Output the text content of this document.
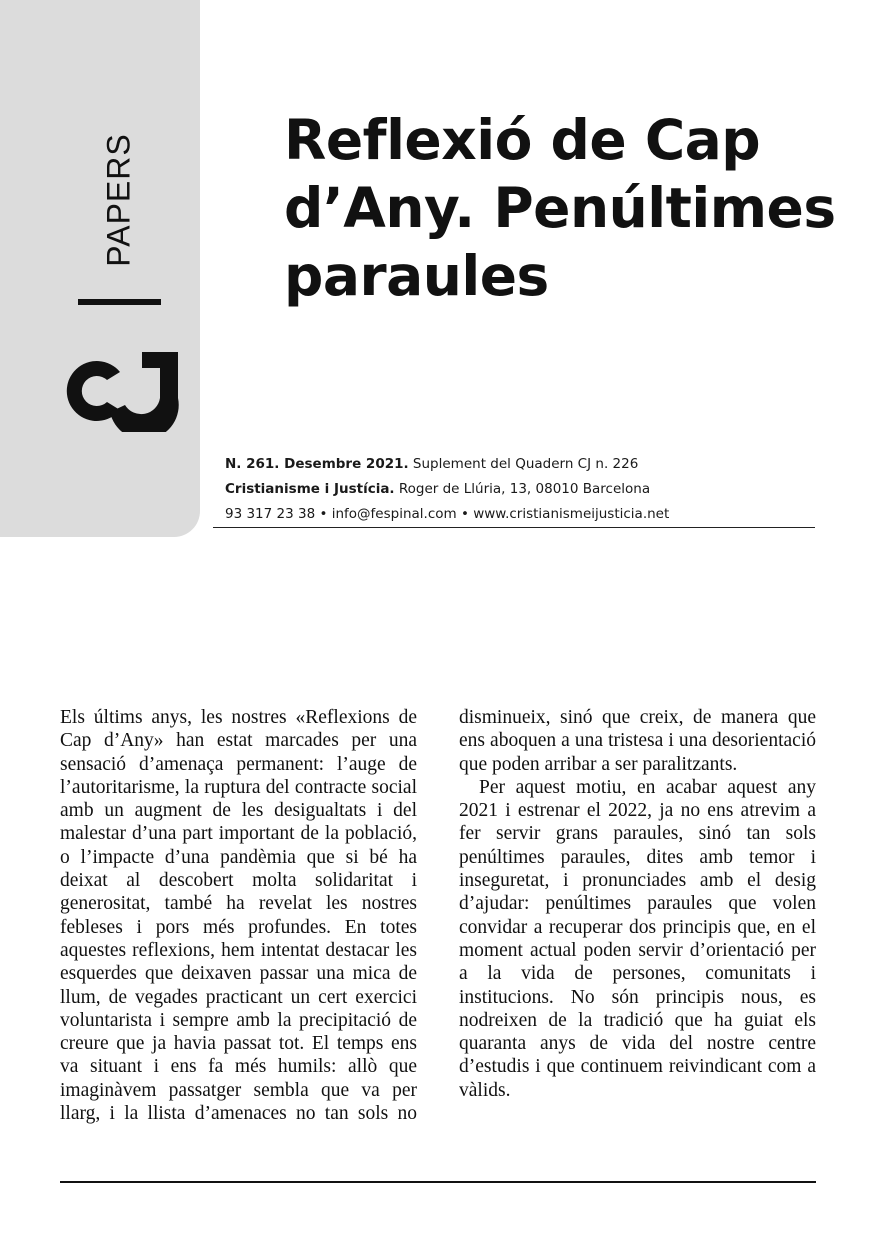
PAPERS	Reflexió de Cap d’Any. Penúltimes paraules
N. 261. Desembre 2021. Suplement del Quadern CJ n. 226
Cristianisme i Justícia. Roger de Llúria, 13, 08010 Barcelona
93 317 23 38 • info@fespinal.com • www.cristianismeijusticia.net

Els últims anys, les nostres «Reflexions de Cap d’Any» han estat marcades per una sensació d’amenaça permanent: l’auge de l’autoritarisme, la ruptura del contracte social amb un augment de les desigualtats i del malestar d’una part important de la població, o l’impacte d’una pandèmia que si bé ha deixat al descobert molta solidaritat i generositat, també ha revelat les nostres febleses i pors més profundes. En totes aquestes reflexions, hem intentat destacar les esquerdes que deixaven passar una mica de llum, de vegades practicant un cert exercici voluntarista i sempre amb la precipitació de creure que ja havia passat tot. El temps ens va situant i ens fa més humils: allò que imaginàvem passatger sembla que va per llarg, i la llista d’amenaces no tan sols no disminueix, sinó que creix, de manera que ens aboquen a una tristesa i una desorientació que poden arribar a ser paralitzants.

Per aquest motiu, en acabar aquest any 2021 i estrenar el 2022, ja no ens atrevim a fer servir grans paraules, sinó tan sols penúltimes paraules, dites amb temor i inseguretat, i pronunciades amb el desig d’ajudar: penúltimes paraules que volen convidar a recuperar dos principis que, en el moment actual poden servir d’orientació per a la vida de persones, comunitats i institucions. No són principis nous, es nodreixen de la tradició que ha guiat els quaranta anys de vida del nostre centre d’estudis i que continuem reivindicant com a vàlids.
